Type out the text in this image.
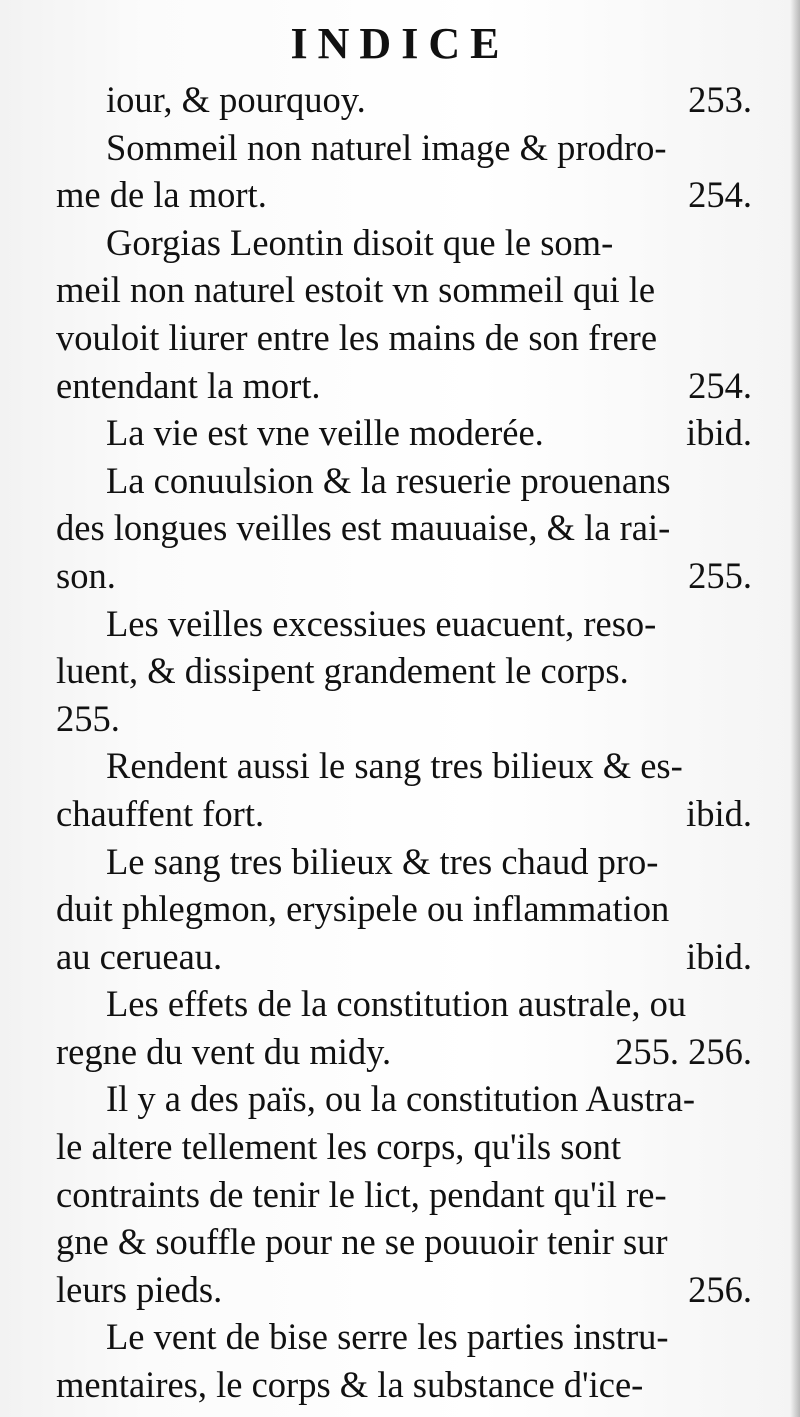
INDICE
iour, & pourquoy.	253.
Sommeil non naturel image & prodro-
me de la mort.	254.
Gorgias Leontin disoit que le som-
meil non naturel estoit vn sommeil qui le
vouloit liurer entre les mains de son frere
entendant la mort.	254.
La vie est vne veille moderée.	ibid.
La conuulsion & la resuerie prouenans
des longues veilles est mauuaise, & la rai-
son.	255.
Les veilles excessiues euacuent, reso-
luent, & dissipent grandement le corps.
255.
Rendent aussi le sang tres bilieux & es-
chauffent fort.	ibid.
Le sang tres bilieux & tres chaud pro-
duit phlegmon, erysipele ou inflammation
au cerueau.	ibid.
Les effets de la constitution australe, ou
regne du vent du midy.	255. 256.
Il y a des païs, ou la constitution Austra-
le altere tellement les corps, qu'ils sont
contraints de tenir le lict, pendant qu'il re-
gne & souffle pour ne se pouuoir tenir sur
leurs pieds.	256.
Le vent de bise serre les parties instru-
mentaires, le corps & la substance d'ice-
